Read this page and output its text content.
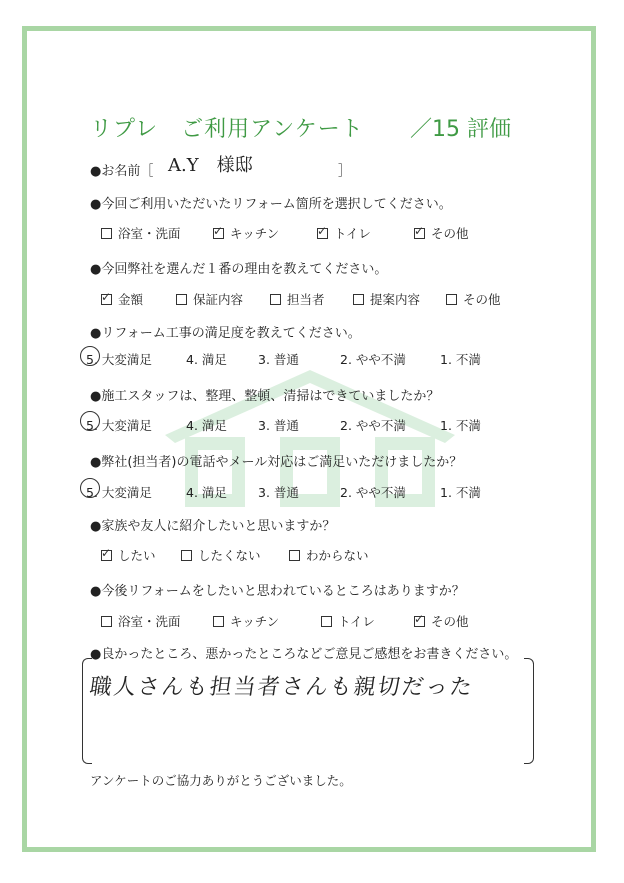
リプレ　ご利用アンケート ／15 評価
●お名前［ A.Y　様邸	］
●今回ご利用いただいたリフォーム箇所を選択してください。
浴室・洗面 ✓	キッチン ✓	トイレ ✓	その他
●今回弊社を選んだ１番の理由を教えてください。
✓
金額	保証内容	担当者	提案内容	その他
●リフォーム工事の満足度を教えてください。
5. 大変満足	4. 満足 3. 普通	2. やや不満	1. 不満
●施工スタッフは、整理、整頓、清掃はできていましたか？
5. 大変満足	4. 満足 3. 普通	2. やや不満	1. 不満
●弊社(担当者)の電話やメール対応はご満足いただけましたか？
5. 大変満足	4. 満足 3. 普通	2. やや不満	1. 不満
●家族や友人に紹介したいと思いますか？
✓
したい	したくない	わからない
●今後リフォームをしたいと思われているところはありますか？
浴室・洗面	キッチン	トイレ ✓	その他
●良かったところ、悪かったところなどご意見ご感想をお書きください。
職人さんも担当者さんも親切だった
アンケートのご協力ありがとうございました。
